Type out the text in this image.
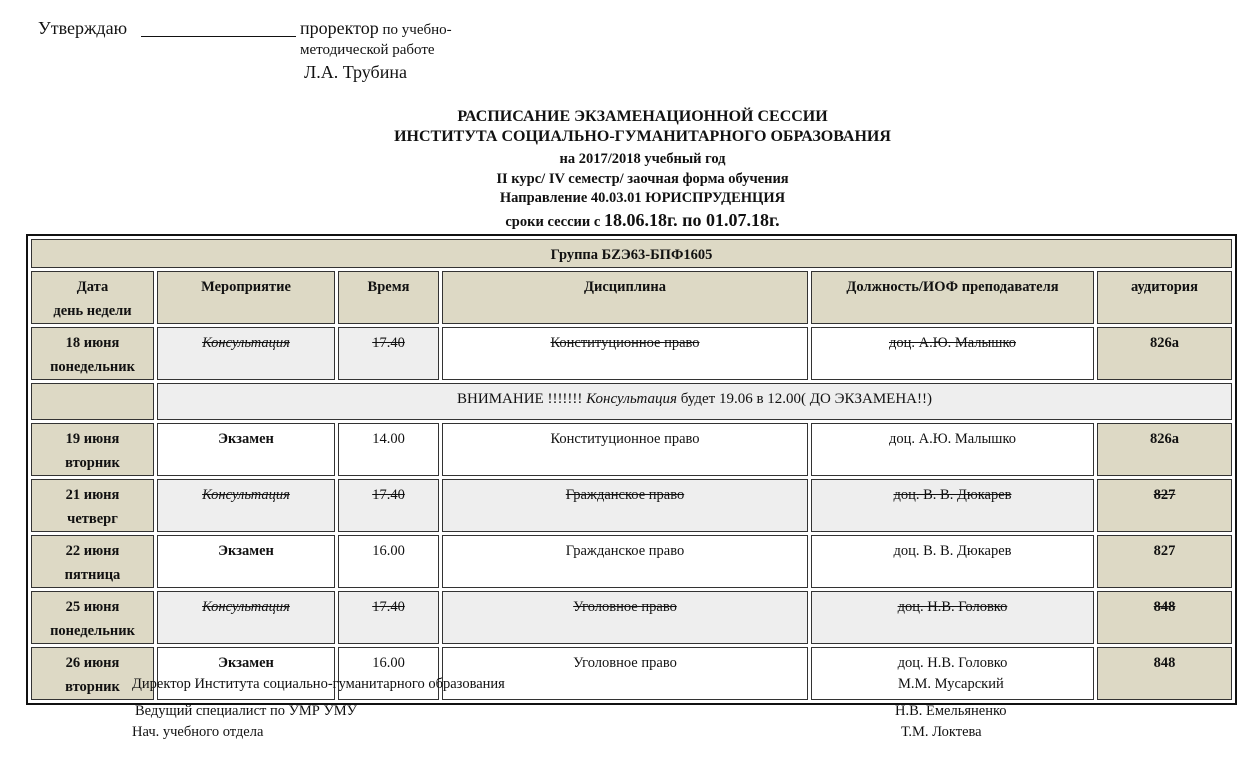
Утверждаю	проректор по учебно-
методической работе
Л.А. Трубина
РАСПИСАНИЕ ЭКЗАМЕНАЦИОННОЙ СЕССИИ
ИНСТИТУТА СОЦИАЛЬНО-ГУМАНИТАРНОГО ОБРАЗОВАНИЯ
на 2017/2018 учебный год
II курс/ IV семестр/ заочная форма обучения
Направление 40.03.01 ЮРИСПРУДЕНЦИЯ
сроки сессии с 18.06.18г. по 01.07.18г.
Группа БZЭ63-БПФ1605					
Дата
день недели	Мероприятие	Время	Дисциплина	Должность/ИОФ преподавателя	аудитория
18 июня
понедельник	Консультация	17.40	Конституционное право	доц. А.Ю. Малышко	826а
	ВНИМАНИЕ !!!!!!! Консультация будет 19.06 в 12.00( ДО ЭКЗАМЕНА!!)				
19 июня
вторник	Экзамен	14.00	Конституционное право	доц. А.Ю. Малышко	826а
21 июня
четверг	Консультация	17.40	Гражданское право	доц. В. В. Дюкарев	827
22 июня
пятница	Экзамен	16.00	Гражданское право	доц. В. В. Дюкарев	827
25 июня
понедельник	Консультация	17.40	Уголовное право	доц. Н.В. Головко	848
26 июня
вторник	Экзамен	16.00	Уголовное право	доц. Н.В. Головко	848
Директор Института социально-гуманитарного образования	М.М. Мусарский
Ведущий специалист по УМР УМУ	Н.В. Емельяненко
Нач. учебного отдела	Т.М. Локтева
